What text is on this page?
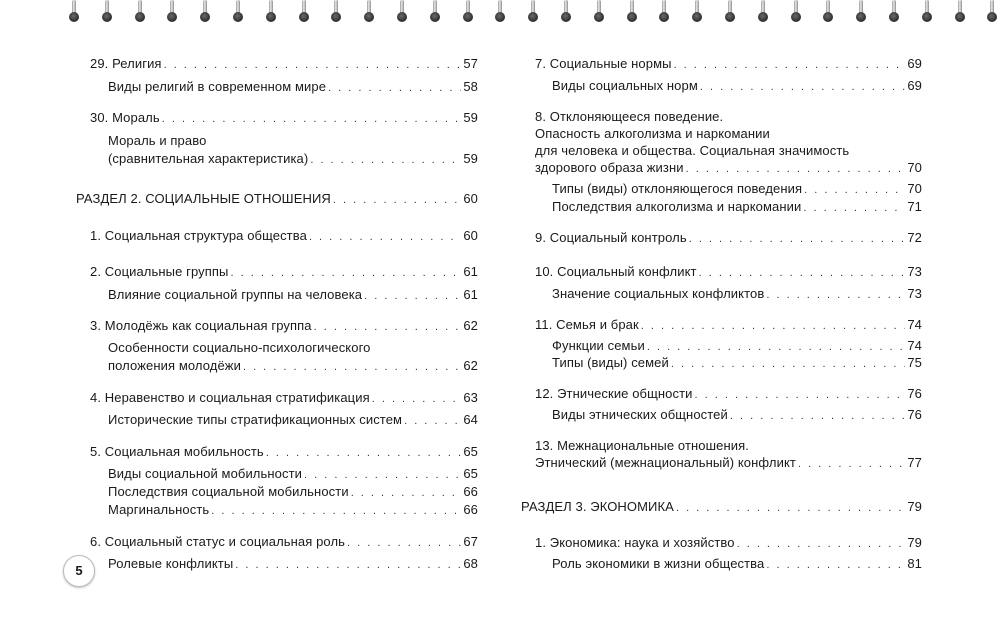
29. Религия . . .	57
Виды религий в современном мире . . .	58
30. Мораль . . .	59
Мораль и право
(сравнительная характеристика) . . .	59
РАЗДЕЛ 2. СОЦИАЛЬНЫЕ ОТНОШЕНИЯ . . .	60
1. Социальная структура общества . . .	60
2. Социальные группы . . .	61
Влияние социальной группы на человека . . .	61
3. Молодёжь как социальная группа . . .	62
Особенности социально-психологического
положения молодёжи . . .	62
4. Неравенство и социальная стратификация . . .	63
Исторические типы стратификационных систем . . .	64
5. Социальная мобильность . . .	65
Виды социальной мобильности . . .	65
Последствия социальной мобильности . . .	66
Маргинальность . . .	66
6. Социальный статус и социальная роль . . .	67
Ролевые конфликты . . .	68
7. Социальные нормы . . .	69
Виды социальных норм . . .	69
8. Отклоняющееся поведение.
Опасность алкоголизма и наркомании
для человека и общества. Социальная значимость
здорового образа жизни . . .	70
Типы (виды) отклоняющегося поведения . . .	70
Последствия алкоголизма и наркомании . . .	71
9. Социальный контроль . . .	72
10. Социальный конфликт . . .	73
Значение социальных конфликтов . . .	73
11. Семья и брак . . .	74
Функции семьи . . .	74
Типы (виды) семей . . .	75
12. Этнические общности . . .	76
Виды этнических общностей . . .	76
13. Межнациональные отношения.
Этнический (межнациональный) конфликт . . .	77
РАЗДЕЛ 3. ЭКОНОМИКА . . .	79
1. Экономика: наука и хозяйство . . .	79
Роль экономики в жизни общества . . .	81
5
